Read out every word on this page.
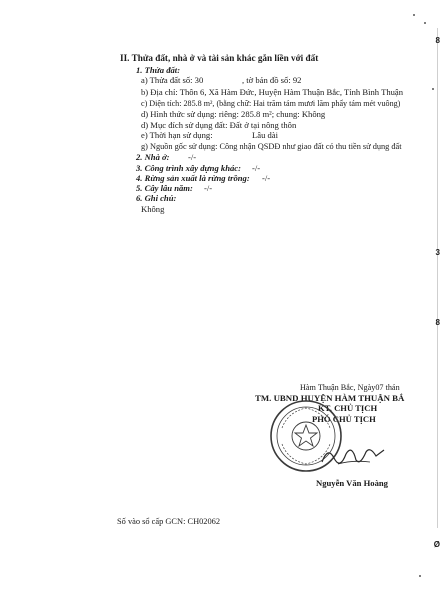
8
3
8
Ø
II. Thửa đất, nhà ở và tài sản khác gắn liền với đất
1. Thửa đất:
a) Thửa đất số: 30	, tờ bản đồ số: 92
b) Địa chỉ: Thôn 6, Xã Hàm Đức, Huyện Hàm Thuận Bắc, Tỉnh Bình Thuận
c) Diện tích: 285.8 m², (bằng chữ: Hai trăm tám mươi lăm phẩy tám mét vuông)
d) Hình thức sử dụng: riêng: 285.8 m²; chung: Không
d) Mục đích sử dụng đất: Đất ở tại nông thôn
e) Thời hạn sử dụng:	Lâu dài
g) Nguồn gốc sử dụng: Công nhận QSDĐ như giao đất có thu tiền sử dụng đất
2. Nhà ở: -/-
3. Công trình xây dựng khác: -/-
4. Rừng sản xuất là rừng trồng: -/-
5. Cây lâu năm: -/-
6. Ghi chú:
Không
Hàm Thuận Bắc, Ngày07 thán
TM. UBND HUYỆN HÀM THUẬN BẮ
KT. CHỦ TỊCH
PHÓ CHỦ TỊCH
Nguyễn Văn Hoàng
Số vào sổ cấp GCN: CH02062
